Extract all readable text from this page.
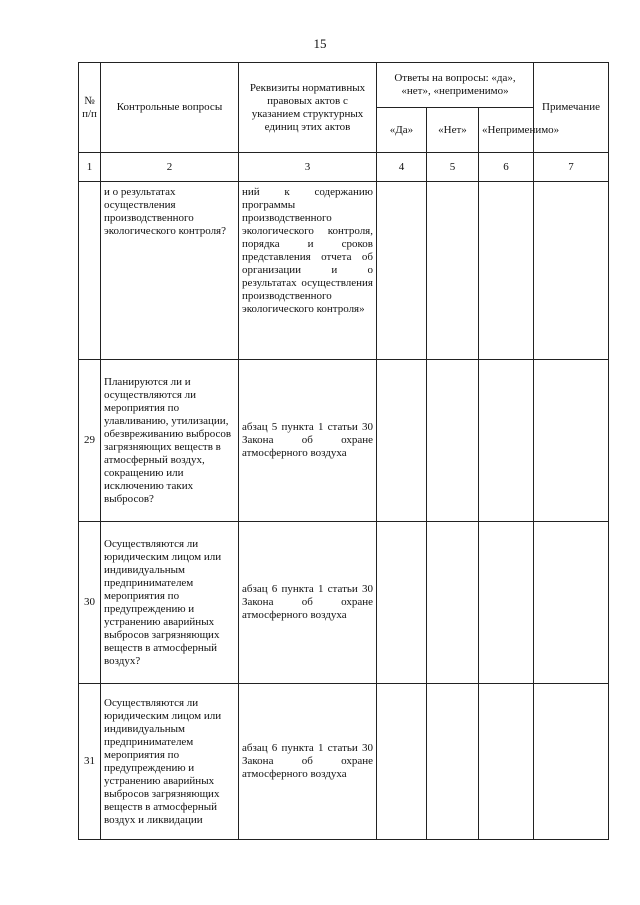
15
№ п/п	Контрольные вопросы	Реквизиты нормативных правовых актов с указанием структурных единиц этих актов	Ответы на вопросы: «да», «нет», «неприменимо»			Примечание
			«Да»	«Нет»	«Неприменимо»	
1	2	3	4	5	6	7
	и о результатах осуществления производственного экологического контроля?	ний к содержанию программы производственного экологического контроля, порядка и сроков представления отчета об организации и о результатах осуществления производственного экологического контроля»				
29	Планируются ли и осуществляются ли мероприятия по улавливанию, утилизации, обезвреживанию выбросов загрязняющих веществ в атмосферный воздух, сокращению или исключению таких выбросов?	абзац 5 пункта 1 статьи 30 Закона об охране атмосферного воздуха				
30	Осуществляются ли юридическим лицом или индивидуальным предпринимателем мероприятия по предупреждению и устранению аварийных выбросов загрязняющих веществ в атмосферный воздух?	абзац 6 пункта 1 статьи 30 Закона об охране атмосферного воздуха				
31	Осуществляются ли юридическим лицом или индивидуальным предпринимателем мероприятия по предупреждению и устранению аварийных выбросов загрязняющих веществ в атмосферный воздух и ликвидации	абзац 6 пункта 1 статьи 30 Закона об охране атмосферного воздуха				
